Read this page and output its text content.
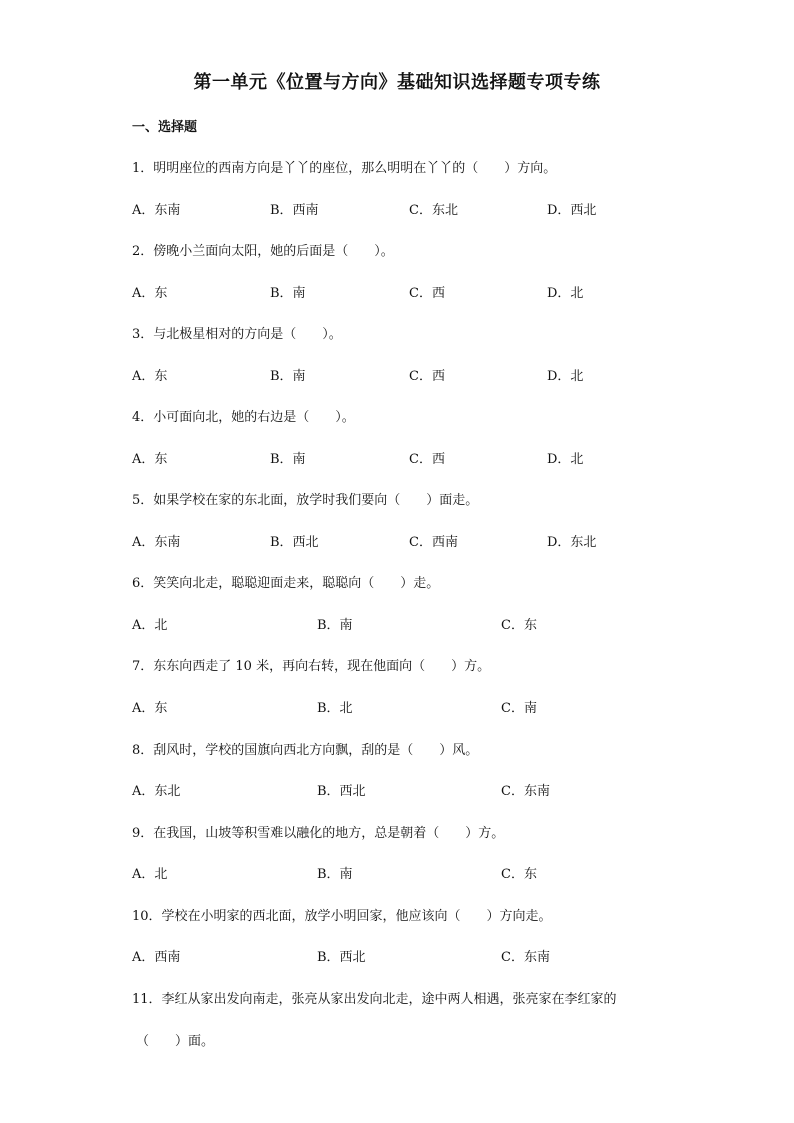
第一单元《位置与方向》基础知识选择题专项专练
一、选择题
1．明明座位的西南方向是丫丫的座位，那么明明在丫丫的（　　）方向。
A．东南	B．西南	C．东北	D．西北
2．傍晚小兰面向太阳，她的后面是（　　）。
A．东	B．南	C．西	D．北
3．与北极星相对的方向是（　　）。
A．东	B．南	C．西	D．北
4．小可面向北，她的右边是（　　）。
A．东	B．南	C．西	D．北
5．如果学校在家的东北面，放学时我们要向（　　）面走。
A．东南	B．西北	C．西南	D．东北
6．笑笑向北走，聪聪迎面走来，聪聪向（　　）走。
A．北	B．南	C．东
7．东东向西走了 10 米，再向右转，现在他面向（　　）方。
A．东	B．北	C．南
8．刮风时，学校的国旗向西北方向飘，刮的是（　　）风。
A．东北	B．西北	C．东南
9．在我国，山坡等积雪难以融化的地方，总是朝着（　　）方。
A．北	B．南	C．东
10．学校在小明家的西北面，放学小明回家，他应该向（　　）方向走。
A．西南	B．西北	C．东南
11．李红从家出发向南走，张亮从家出发向北走，途中两人相遇，张亮家在李红家的
（　　）面。
